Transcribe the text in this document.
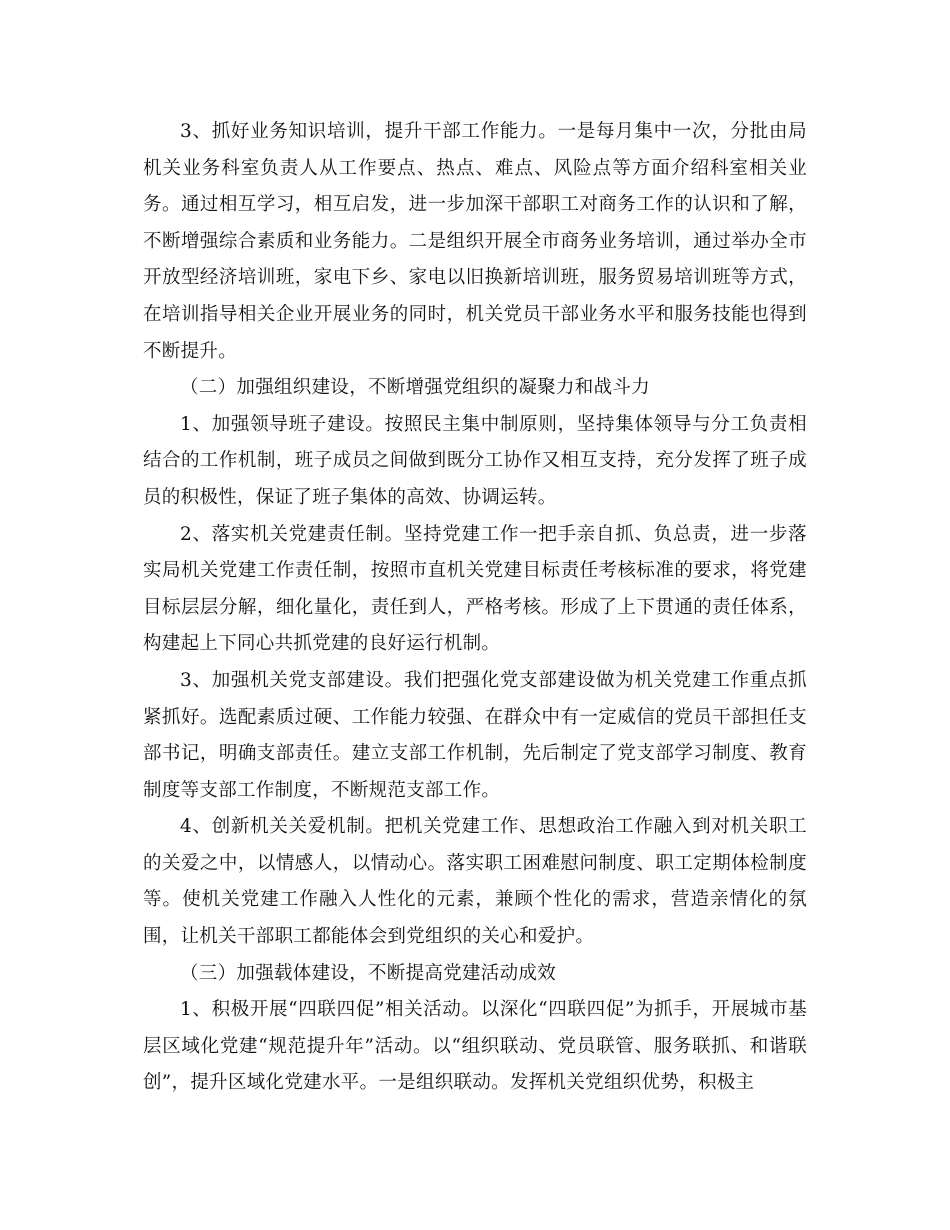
3、抓好业务知识培训，提升干部工作能力。一是每月集中一次，分批由局机关业务科室负责人从工作要点、热点、难点、风险点等方面介绍科室相关业务。通过相互学习，相互启发，进一步加深干部职工对商务工作的认识和了解，不断增强综合素质和业务能力。二是组织开展全市商务业务培训，通过举办全市开放型经济培训班，家电下乡、家电以旧换新培训班，服务贸易培训班等方式，在培训指导相关企业开展业务的同时，机关党员干部业务水平和服务技能也得到不断提升。

（二）加强组织建设，不断增强党组织的凝聚力和战斗力

1、加强领导班子建设。按照民主集中制原则，坚持集体领导与分工负责相结合的工作机制，班子成员之间做到既分工协作又相互支持，充分发挥了班子成员的积极性，保证了班子集体的高效、协调运转。

2、落实机关党建责任制。坚持党建工作一把手亲自抓、负总责，进一步落实局机关党建工作责任制，按照市直机关党建目标责任考核标准的要求，将党建目标层层分解，细化量化，责任到人，严格考核。形成了上下贯通的责任体系，构建起上下同心共抓党建的良好运行机制。

3、加强机关党支部建设。我们把强化党支部建设做为机关党建工作重点抓紧抓好。选配素质过硬、工作能力较强、在群众中有一定威信的党员干部担任支部书记，明确支部责任。建立支部工作机制，先后制定了党支部学习制度、教育制度等支部工作制度，不断规范支部工作。

4、创新机关关爱机制。把机关党建工作、思想政治工作融入到对机关职工的关爱之中，以情感人，以情动心。落实职工困难慰问制度、职工定期体检制度等。使机关党建工作融入人性化的元素，兼顾个性化的需求，营造亲情化的氛围，让机关干部职工都能体会到党组织的关心和爱护。

（三）加强载体建设，不断提高党建活动成效

1、积极开展“四联四促”相关活动。以深化“四联四促”为抓手，开展城市基层区域化党建“规范提升年”活动。以“组织联动、党员联管、服务联抓、和谐联创”，提升区域化党建水平。一是组织联动。发挥机关党组织优势，积极主
